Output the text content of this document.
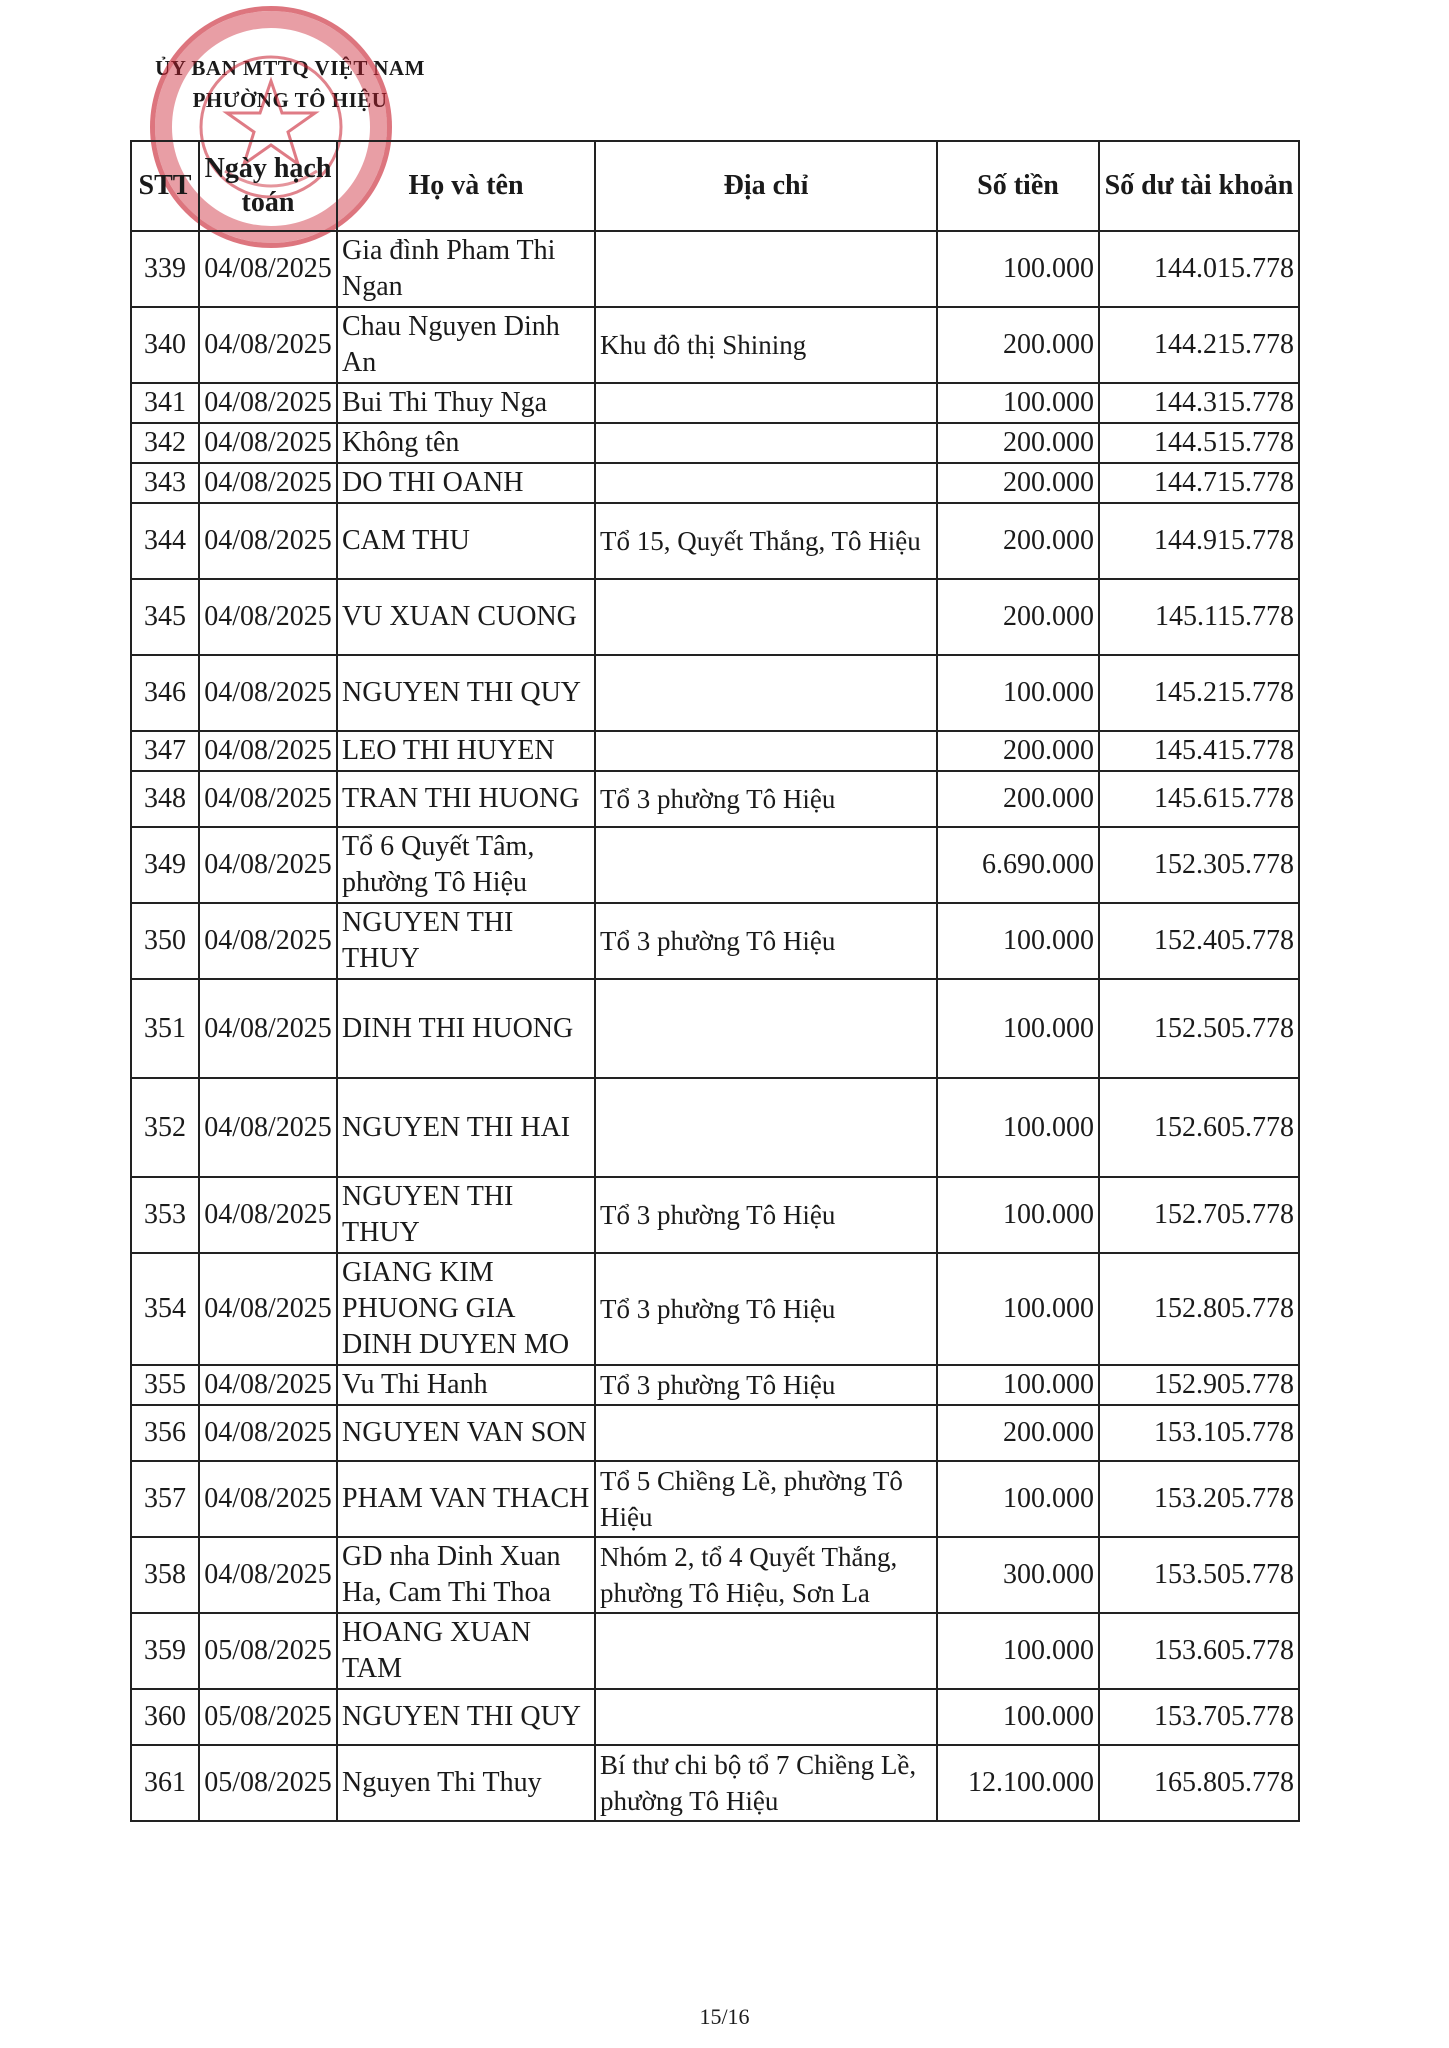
ỦY BAN MTTQ VIỆT NAM
PHƯỜNG TÔ HIỆU
STT	Ngày hạch toán	Họ và tên	Địa chỉ	Số tiền	Số dư tài khoản
339	04/08/2025	Gia đình Pham Thi Ngan		100.000	144.015.778
340	04/08/2025	Chau Nguyen Dinh An	Khu đô thị Shining	200.000	144.215.778
341	04/08/2025	Bui Thi Thuy Nga		100.000	144.315.778
342	04/08/2025	Không tên		200.000	144.515.778
343	04/08/2025	DO THI OANH		200.000	144.715.778
344	04/08/2025	CAM THU	Tổ 15, Quyết Thắng, Tô Hiệu	200.000	144.915.778
345	04/08/2025	VU XUAN CUONG		200.000	145.115.778
346	04/08/2025	NGUYEN THI QUY		100.000	145.215.778
347	04/08/2025	LEO THI HUYEN		200.000	145.415.778
348	04/08/2025	TRAN THI HUONG	Tổ 3 phường Tô Hiệu	200.000	145.615.778
349	04/08/2025	Tổ 6 Quyết Tâm, phường Tô Hiệu		6.690.000	152.305.778
350	04/08/2025	NGUYEN THI THUY	Tổ 3 phường Tô Hiệu	100.000	152.405.778
351	04/08/2025	DINH THI HUONG		100.000	152.505.778
352	04/08/2025	NGUYEN THI HAI		100.000	152.605.778
353	04/08/2025	NGUYEN THI THUY	Tổ 3 phường Tô Hiệu	100.000	152.705.778
354	04/08/2025	GIANG KIM PHUONG GIA DINH DUYEN MO	Tổ 3 phường Tô Hiệu	100.000	152.805.778
355	04/08/2025	Vu Thi Hanh	Tổ 3 phường Tô Hiệu	100.000	152.905.778
356	04/08/2025	NGUYEN VAN SON		200.000	153.105.778
357	04/08/2025	PHAM VAN THACH	Tổ 5 Chiềng Lề, phường Tô Hiệu	100.000	153.205.778
358	04/08/2025	GD nha Dinh Xuan Ha, Cam Thi Thoa	Nhóm 2, tổ 4 Quyết Thắng, phường Tô Hiệu, Sơn La	300.000	153.505.778
359	05/08/2025	HOANG XUAN TAM		100.000	153.605.778
360	05/08/2025	NGUYEN THI QUY		100.000	153.705.778
361	05/08/2025	Nguyen Thi Thuy	Bí thư chi bộ tổ 7 Chiềng Lề, phường Tô Hiệu	12.100.000	165.805.778
15/16
